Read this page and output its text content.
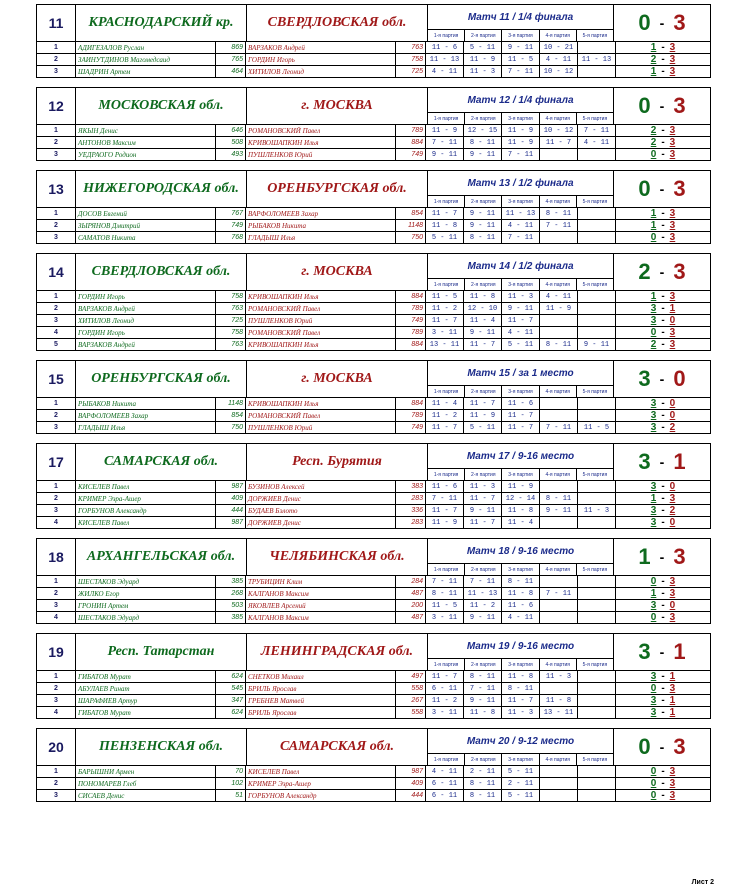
11	КРАСНОДАРСКИЙ кр.	СВЕРДЛОВСКАЯ обл.	Матч 11 / 1/4 финала
1-я партия	2-я партия	3-я партия	4-я партия	5-я партия
0 - 3
1	АДИГЕЗАЛОВ Руслан	869 ВАРЗАКОВ Андрей	763	11 - 6	5 - 11	9 - 11	10 - 21	1 - 3
2	ЗАИНУТДИНОВ Магомедсаид	765 ГОРДИН Игорь	758 11 - 13	11 - 9	11 - 5	4 - 11	11 - 13	2 - 3
3	ШАДРИН Артем	464 ХИТИЛОВ Леонид	725	4 - 11	11 - 3	7 - 11	10 - 12	1 - 3
12	МОСКОВСКАЯ обл.	г. МОСКВА	Матч 12 / 1/4 финала
1-я партия	2-я партия	3-я партия	4-я партия	5-я партия
0 - 3
1	ЯКЫН Денис	646 РОМАНОВСКИЙ Павел	789	11 - 9	12 - 15	11 - 9	10 - 12	7 - 11	2 - 3
2	АНТОНОВ Максим	508 КРИВОШАПКИН Илья	884	7 - 11	8 - 11	11 - 9	11 - 7	4 - 11	2 - 3
3	УЕДРАОГО Родион	493 ПУШЛЕНКОВ Юрий	749	9 - 11	9 - 11	7 - 11	0 - 3
13	НИЖЕГОРОДСКАЯ обл.	ОРЕНБУРГСКАЯ обл.	Матч 13 / 1/2 финала
1-я партия	2-я партия	3-я партия	4-я партия	5-я партия
0 - 3
1	ДОСОВ Евгений	767 ВАРФОЛОМЕЕВ Захар	854	11 - 7	9 - 11	11 - 13	8 - 11	1 - 3
2	ЗЫРЯНОВ Дмитрий	749 РЫБАКОВ Никита	1148	11 - 8	9 - 11	4 - 11	7 - 11	1 - 3
3	САМАТОВ Никита	768 ГЛАДЫШ Илья	750	5 - 11	8 - 11	7 - 11	0 - 3
14	СВЕРДЛОВСКАЯ обл.	г. МОСКВА	Матч 14 / 1/2 финала
1-я партия	2-я партия	3-я партия	4-я партия	5-я партия
2 - 3
1	ГОРДИН Игорь	758 КРИВОШАПКИН Илья	884	11 - 5	11 - 8	11 - 3	4 - 11	1 - 3
2	ВАРЗАКОВ Андрей	763 РОМАНОВСКИЙ Павел	789	11 - 2	12 - 10	9 - 11	11 - 9	3 - 1
3	ХИТИЛОВ Леонид	725 ПУШЛЕНКОВ Юрий	749	11 - 7	11 - 4	11 - 7	3 - 0
4	ГОРДИН Игорь	758 РОМАНОВСКИЙ Павел	789	3 - 11	9 - 11	4 - 11	0 - 3
5	ВАРЗАКОВ Андрей	763 КРИВОШАПКИН Илья	884 13 - 11	11 - 7	5 - 11	8 - 11	9 - 11	2 - 3
15	ОРЕНБУРГСКАЯ обл.	г. МОСКВА	Матч 15 / за 1 место
1-я партия	2-я партия	3-я партия	4-я партия	5-я партия
3 - 0
1	РЫБАКОВ Никита	1148 КРИВОШАПКИН Илья	884	11 - 4	11 - 7	11 - 6	3 - 0
2	ВАРФОЛОМЕЕВ Захар	854 РОМАНОВСКИЙ Павел	789	11 - 2	11 - 9	11 - 7	3 - 0
3	ГЛАДЫШ Илья	750 ПУШЛЕНКОВ Юрий	749	11 - 7	5 - 11	11 - 7	7 - 11	11 - 5	3 - 2
17	САМАРСКАЯ обл.	Респ. Бурятия	Матч 17 / 9-16 место
1-я партия	2-я партия	3-я партия	4-я партия	5-я партия
3 - 1
1	КИСЕЛЕВ Павел	987 БУЗИНОВ Алексей	383	11 - 6	11 - 3	11 - 9	3 - 0
2	КРИМЕР Эзра-Ашер	409 ДОРЖИЕВ Денис	283	7 - 11	11 - 7	12 - 14	8 - 11	1 - 3
3	ГОРБУНОВ Александр	444 БУДАЕВ Бэлото	336	11 - 7	9 - 11	11 - 8	9 - 11	11 - 3	3 - 2
4	КИСЕЛЕВ Павел	987 ДОРЖИЕВ Денис	283	11 - 9	11 - 7	11 - 4	3 - 0
18	АРХАНГЕЛЬСКАЯ обл.	ЧЕЛЯБИНСКАЯ обл.	Матч 18 / 9-16 место
1-я партия	2-я партия	3-я партия	4-я партия	5-я партия
1 - 3
1	ШЕСТАКОВ Эдуард	385 ТРУБИЦИН Клим	284	7 - 11	7 - 11	8 - 11	0 - 3
2	ЖИЛКО Егор	268 КАЛГАНОВ Максим	487	8 - 11	11 - 13	11 - 8	7 - 11	1 - 3
3	ГРОНИН Артем	503 ЯКОВЛЕВ Арсений	200	11 - 5	11 - 2	11 - 6	3 - 0
4	ШЕСТАКОВ Эдуард	385 КАЛГАНОВ Максим	487	3 - 11	9 - 11	4 - 11	0 - 3
19	Респ. Татарстан	ЛЕНИНГРАДСКАЯ обл.	Матч 19 / 9-16 место
1-я партия	2-я партия	3-я партия	4-я партия	5-я партия
3 - 1
1	ГИБАТОВ Мурат	624 СНЕТКОВ Михаил	497	11 - 7	8 - 11	11 - 8	11 - 3	3 - 1
2	АБУЛАЕВ Ринат	545 БРИЛЬ Ярослав	558	6 - 11	7 - 11	8 - 11	0 - 3
3	ШАРАФИЕВ Артур	347 ГРЕБНЕВ Матвей	267	11 - 2	9 - 11	11 - 7	11 - 8	3 - 1
4	ГИБАТОВ Мурат	624 БРИЛЬ Ярослав	558	3 - 11	11 - 8	11 - 3	13 - 11	3 - 1
20	ПЕНЗЕНСКАЯ обл.	САМАРСКАЯ обл.	Матч 20 / 9-12 место
1-я партия	2-я партия	3-я партия	4-я партия	5-я партия
0 - 3
1	БАРЫШНИ Армен	70 КИСЕЛЕВ Павел	987	4 - 11	2 - 11	5 - 11	0 - 3
2	ПОНОМАРЕВ Глеб	102 КРИМЕР Эзра-Ашер	409	6 - 11	8 - 11	2 - 11	0 - 3
3	СИСАЕВ Денис	51 ГОРБУНОВ Александр	444	6 - 11	8 - 11	5 - 11	0 - 3
Лист 2
